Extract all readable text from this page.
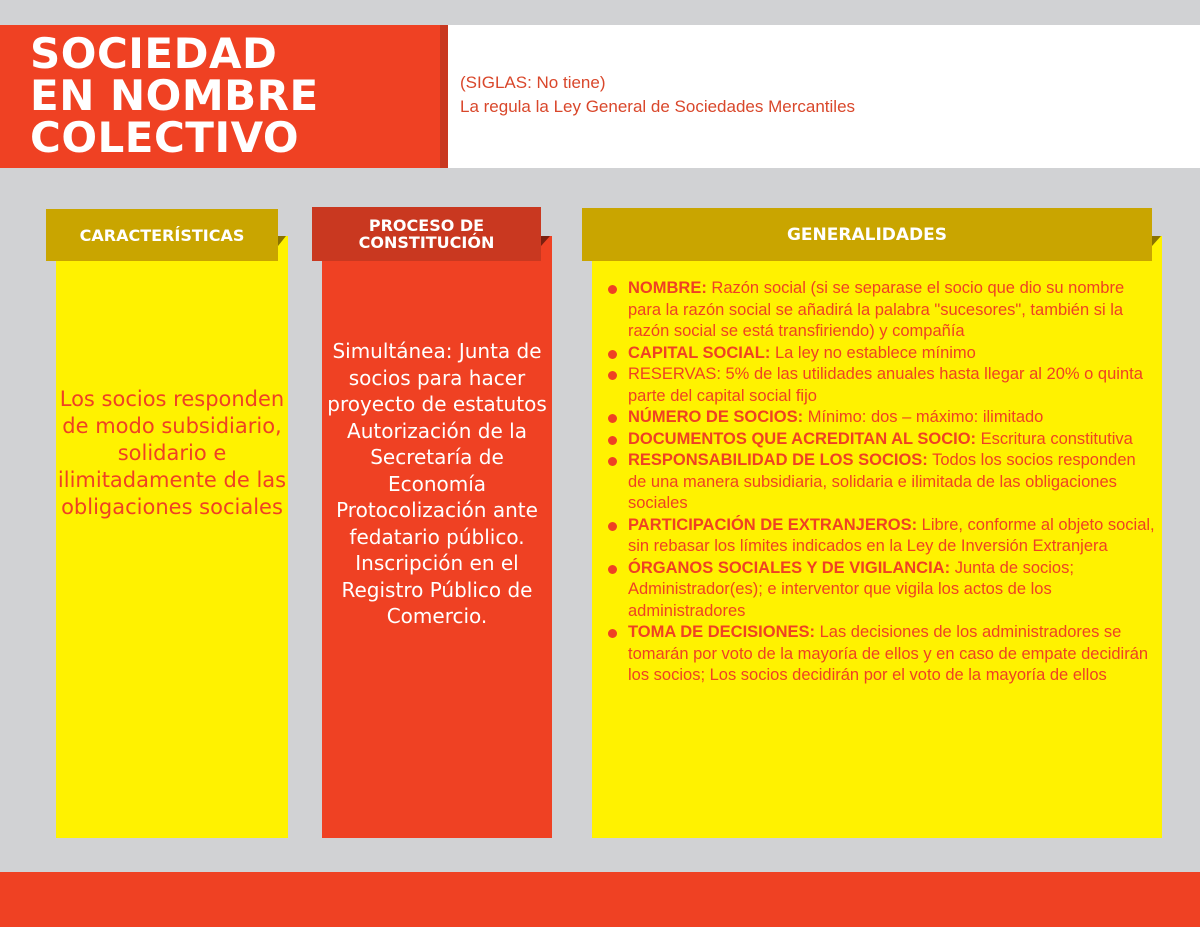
SOCIEDAD
EN NOMBRE
COLECTIVO
(SIGLAS: No tiene)
La regula la Ley General de Sociedades Mercantiles
Los socios responden de modo subsidiario, solidario e ilimitadamente de las obligaciones sociales
CARACTERÍSTICAS
Simultánea: Junta de socios para hacer proyecto de estatutos Autorización de la Secretaría de Economía Protocolización ante fedatario público. Inscripción en el Registro Público de Comercio.
PROCESO DE
CONSTITUCIÓN
NOMBRE: Razón social (si se separase el socio que dio su nombre para la razón social se añadirá la palabra "sucesores", también si la razón social se está transfiriendo) y compañía
CAPITAL SOCIAL: La ley no establece mínimo
RESERVAS: 5% de las utilidades anuales hasta llegar al 20% o quinta parte del capital social fijo
NÚMERO DE SOCIOS: Mínimo: dos – máximo: ilimitado
DOCUMENTOS QUE ACREDITAN AL SOCIO: Escritura constitutiva
RESPONSABILIDAD DE LOS SOCIOS: Todos los socios responden de una manera subsidiaria, solidaria e ilimitada de las obligaciones sociales
PARTICIPACIÓN DE EXTRANJEROS: Libre, conforme al objeto social, sin rebasar los límites indicados en la Ley de Inversión Extranjera
ÓRGANOS SOCIALES Y DE VIGILANCIA: Junta de socios; Administrador(es); e interventor que vigila los actos de los administradores
TOMA DE DECISIONES: Las decisiones de los administradores se tomarán por voto de la mayoría de ellos y en caso de empate decidirán los socios; Los socios decidirán por el voto de la mayoría de ellos
GENERALIDADES
